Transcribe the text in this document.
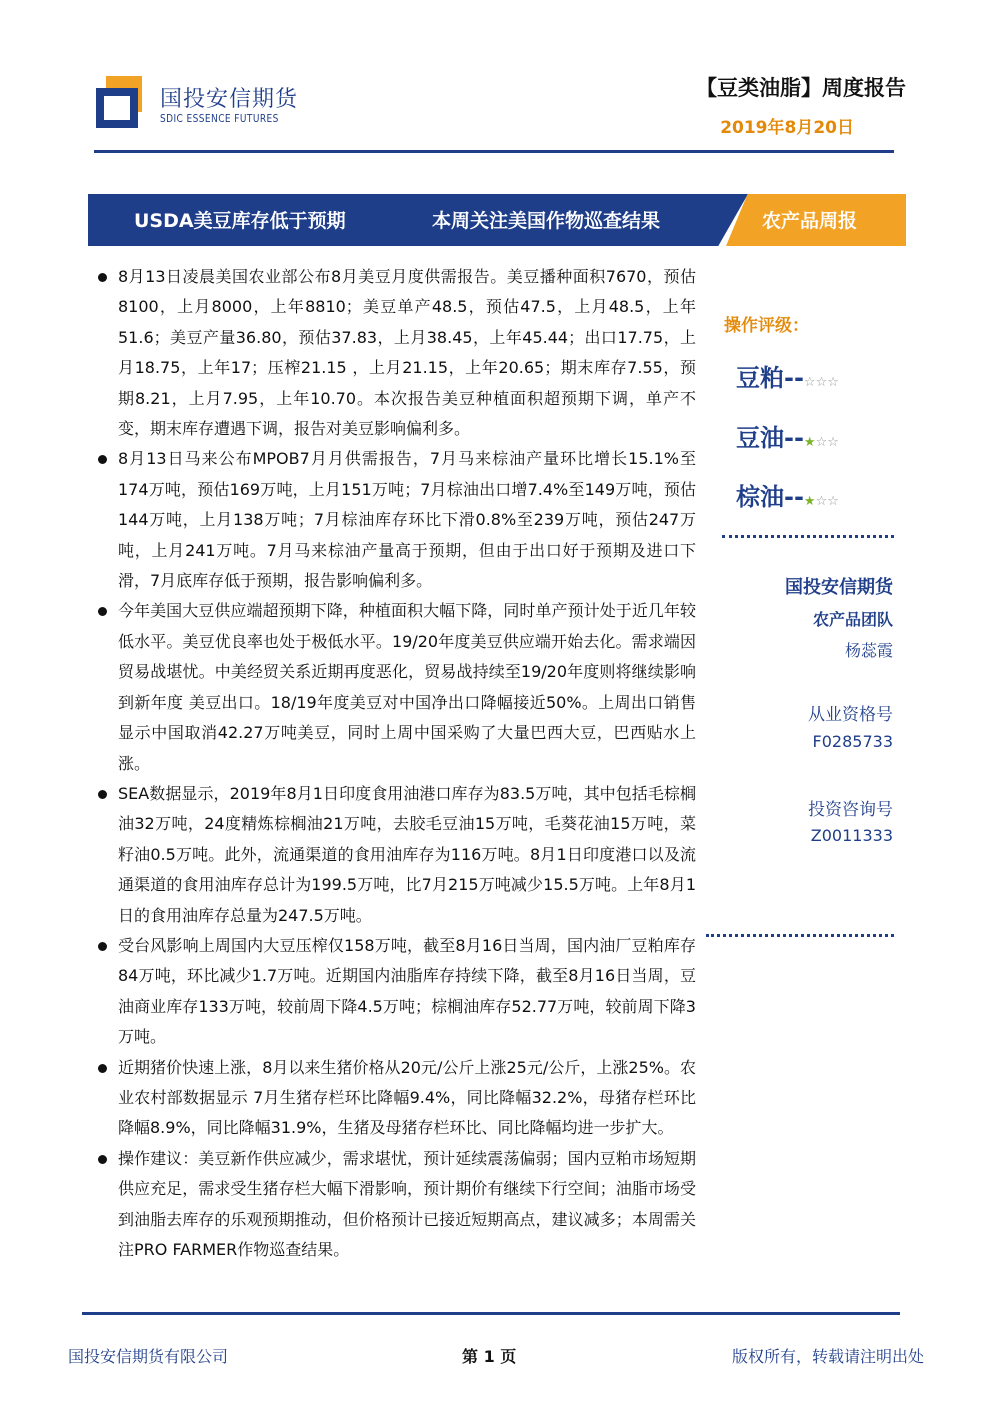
国投安信期货
SDIC ESSENCE FUTURES
【豆类油脂】周度报告
2019年8月20日
USDA美豆库存低于预期	本周关注美国作物巡查结果	农产品周报
8月13日凌晨美国农业部公布8月美豆月度供需报告。美豆播种面积7670，预估8100，上月8000，上年8810；美豆单产48.5，预估47.5，上月48.5，上年51.6；美豆产量36.80，预估37.83，上月38.45，上年45.44；出口17.75，上月18.75，上年17；压榨21.15 ，上月21.15，上年20.65；期末库存7.55，预期8.21，上月7.95，上年10.70。本次报告美豆种植面积超预期下调，单产不变，期末库存遭遇下调，报告对美豆影响偏利多。
8月13日马来公布MPOB7月月供需报告，7月马来棕油产量环比增长15.1%至174万吨，预估169万吨，上月151万吨；7月棕油出口增7.4%至149万吨，预估144万吨，上月138万吨；7月棕油库存环比下滑0.8%至239万吨，预估247万吨，上月241万吨。7月马来棕油产量高于预期，但由于出口好于预期及进口下滑，7月底库存低于预期，报告影响偏利多。
今年美国大豆供应端超预期下降，种植面积大幅下降，同时单产预计处于近几年较低水平。美豆优良率也处于极低水平。19/20年度美豆供应端开始去化。需求端因贸易战堪忧。中美经贸关系近期再度恶化，贸易战持续至19/20年度则将继续影响到新年度 美豆出口。18/19年度美豆对中国净出口降幅接近50%。上周出口销售显示中国取消42.27万吨美豆，同时上周中国采购了大量巴西大豆，巴西贴水上涨。
SEA数据显示，2019年8月1日印度食用油港口库存为83.5万吨，其中包括毛棕榈油32万吨，24度精炼棕榈油21万吨，去胶毛豆油15万吨，毛葵花油15万吨，菜籽油0.5万吨。此外，流通渠道的食用油库存为116万吨。8月1日印度港口以及流通渠道的食用油库存总计为199.5万吨，比7月215万吨减少15.5万吨。上年8月1日的食用油库存总量为247.5万吨。
受台风影响上周国内大豆压榨仅158万吨，截至8月16日当周，国内油厂豆粕库存84万吨，环比减少1.7万吨。近期国内油脂库存持续下降，截至8月16日当周，豆油商业库存133万吨，较前周下降4.5万吨；棕榈油库存52.77万吨，较前周下降3万吨。
近期猪价快速上涨，8月以来生猪价格从20元/公斤上涨25元/公斤，上涨25%。农业农村部数据显示 7月生猪存栏环比降幅9.4%，同比降幅32.2%，母猪存栏环比降幅8.9%，同比降幅31.9%，生猪及母猪存栏环比、同比降幅均进一步扩大。
操作建议：美豆新作供应减少，需求堪忧，预计延续震荡偏弱；国内豆粕市场短期供应充足，需求受生猪存栏大幅下滑影响，预计期价有继续下行空间；油脂市场受到油脂去库存的乐观预期推动，但价格预计已接近短期高点，建议减多；本周需关注PRO FARMER作物巡查结果。
操作评级：
豆粕--☆☆☆
豆油--★☆☆
棕油--★☆☆
国投安信期货
农产品团队
杨蕊霞
从业资格号
F0285733
投资咨询号
Z0011333
国投安信期货有限公司	第 1 页	版权所有，转载请注明出处
